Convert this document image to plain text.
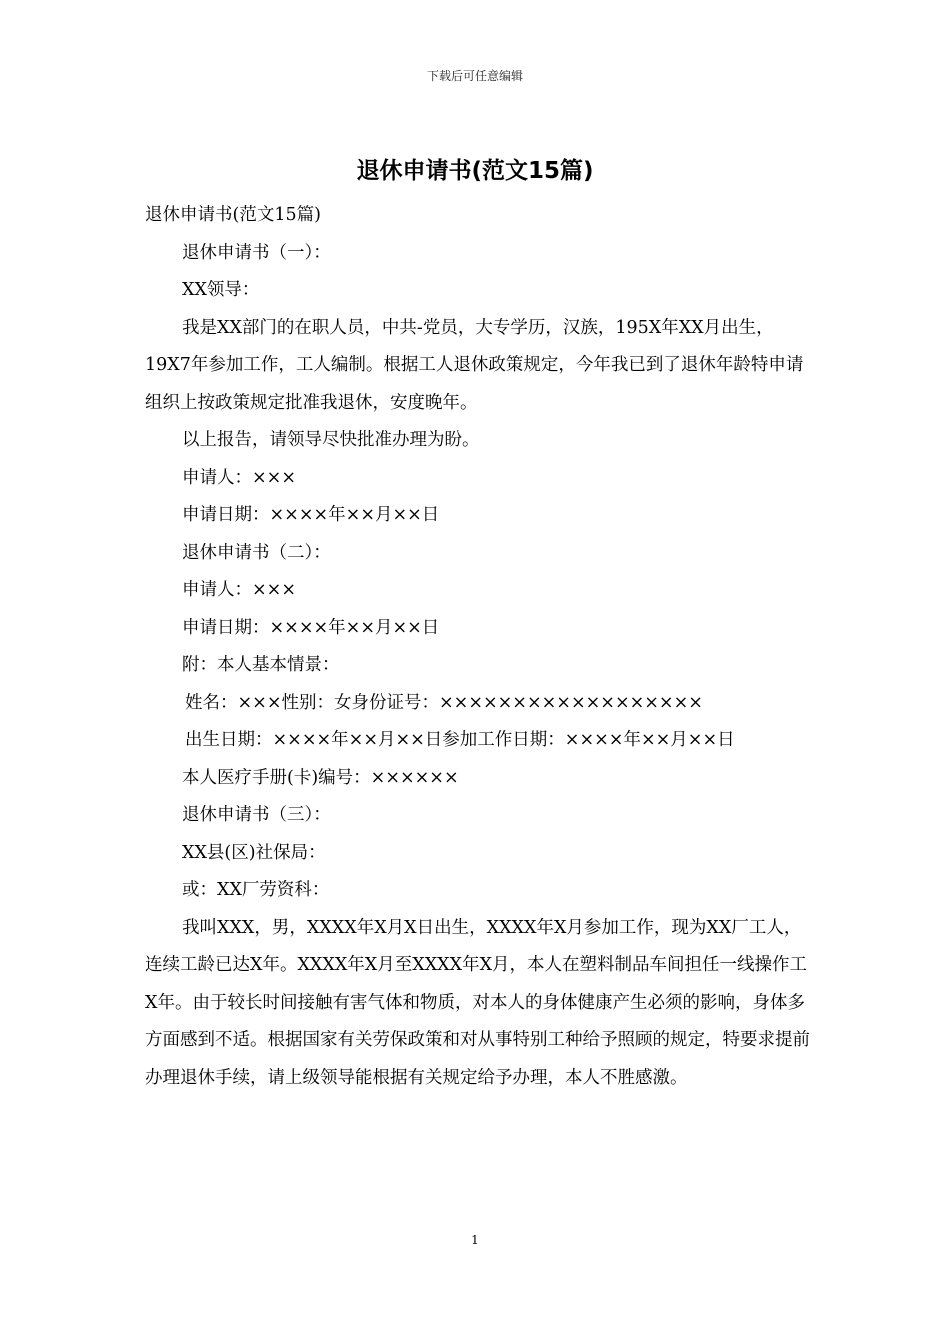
下载后可任意编辑
退休申请书(范文15篇)

退休申请书(范文15篇)

退休申请书（一）：

XX领导：

我是XX部门的在职人员，中共-党员，大专学历，汉族，195X年XX月出生，19X7年参加工作，工人编制。根据工人退休政策规定，今年我已到了退休年龄特申请组织上按政策规定批准我退休，安度晚年。

以上报告，请领导尽快批准办理为盼。

申请人：×××

申请日期：××××年××月××日

退休申请书（二）：

申请人：×××

申请日期：××××年××月××日

附：本人基本情景：

姓名：×××性别：女身份证号：××××××××××××××××××

出生日期：××××年××月××日参加工作日期：××××年××月××日

本人医疗手册(卡)编号：××××××

退休申请书（三）：

XX县(区)社保局：

或：XX厂劳资科：

我叫XXX，男，XXXX年X月X日出生，XXXX年X月参加工作，现为XX厂工人，连续工龄已达X年。XXXX年X月至XXXX年X月，本人在塑料制品车间担任一线操作工X年。由于较长时间接触有害气体和物质，对本人的身体健康产生必须的影响，身体多方面感到不适。根据国家有关劳保政策和对从事特别工种给予照顾的规定，特要求提前办理退休手续，请上级领导能根据有关规定给予办理，本人不胜感激。

1
